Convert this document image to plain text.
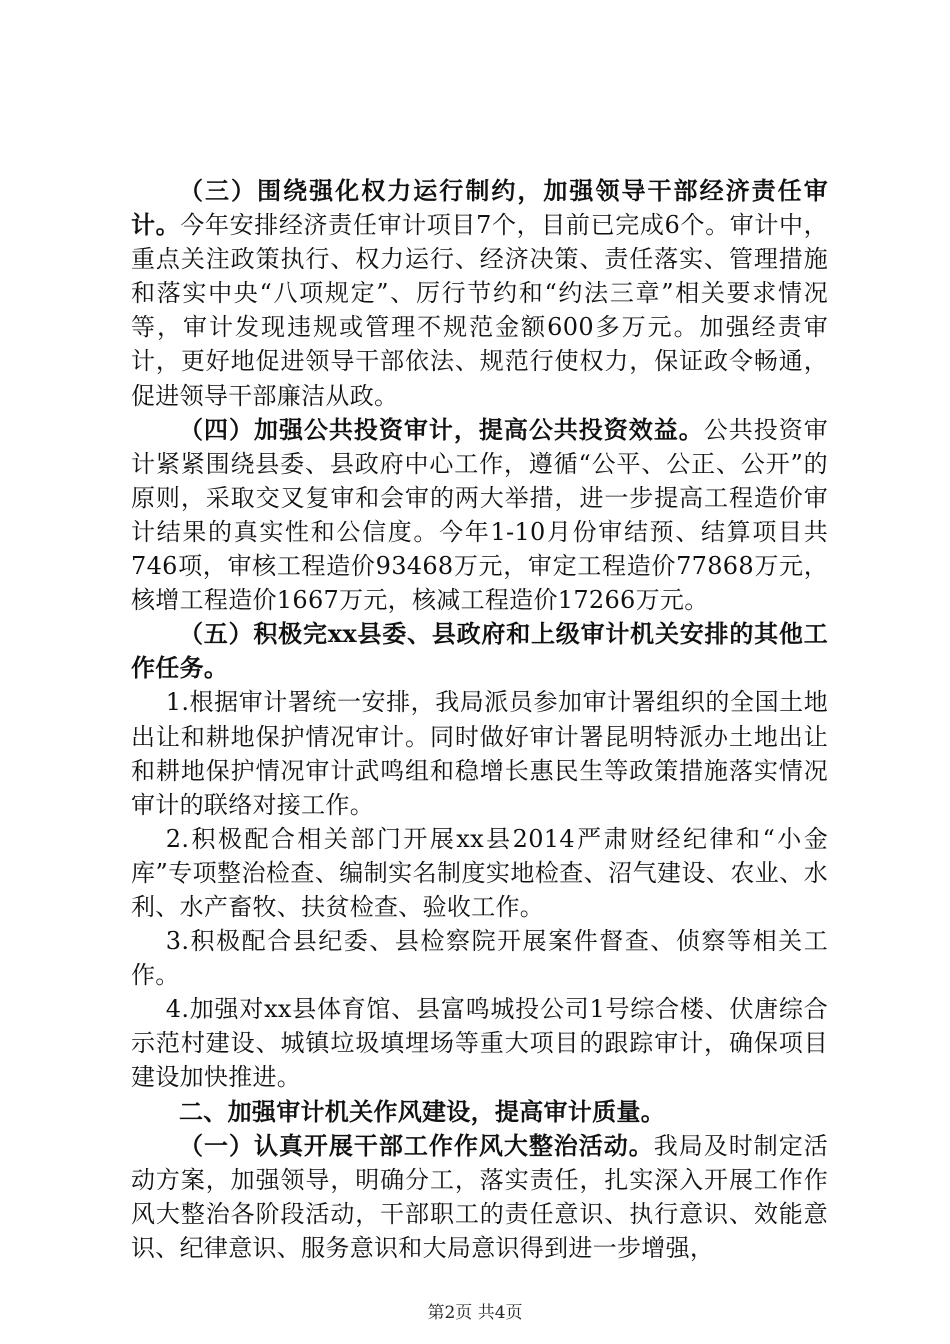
（三）围绕强化权力运行制约，加强领导干部经济责任审计。今年安排经济责任审计项目7个，目前已完成6个。审计中，重点关注政策执行、权力运行、经济决策、责任落实、管理措施和落实中央“八项规定”、厉行节约和“约法三章”相关要求情况等，审计发现违规或管理不规范金额600多万元。加强经责审计，更好地促进领导干部依法、规范行使权力，保证政令畅通，促进领导干部廉洁从政。

（四）加强公共投资审计，提高公共投资效益。公共投资审计紧紧围绕县委、县政府中心工作，遵循“公平、公正、公开”的原则，采取交叉复审和会审的两大举措，进一步提高工程造价审计结果的真实性和公信度。今年1-10月份审结预、结算项目共746项，审核工程造价93468万元，审定工程造价77868万元，核增工程造价1667万元，核减工程造价17266万元。

（五）积极完xx县委、县政府和上级审计机关安排的其他工作任务。

1.根据审计署统一安排，我局派员参加审计署组织的全国土地出让和耕地保护情况审计。同时做好审计署昆明特派办土地出让和耕地保护情况审计武鸣组和稳增长惠民生等政策措施落实情况审计的联络对接工作。

2.积极配合相关部门开展xx县2014严肃财经纪律和“小金库”专项整治检查、编制实名制度实地检查、沼气建设、农业、水利、水产畜牧、扶贫检查、验收工作。

3.积极配合县纪委、县检察院开展案件督查、侦察等相关工作。

4.加强对xx县体育馆、县富鸣城投公司1号综合楼、伏唐综合示范村建设、城镇垃圾填埋场等重大项目的跟踪审计，确保项目建设加快推进。

二、加强审计机关作风建设，提高审计质量。

（一）认真开展干部工作作风大整治活动。我局及时制定活动方案，加强领导，明确分工，落实责任，扎实深入开展工作作风大整治各阶段活动，干部职工的责任意识、执行意识、效能意识、纪律意识、服务意识和大局意识得到进一步增强，

第2页 共4页
